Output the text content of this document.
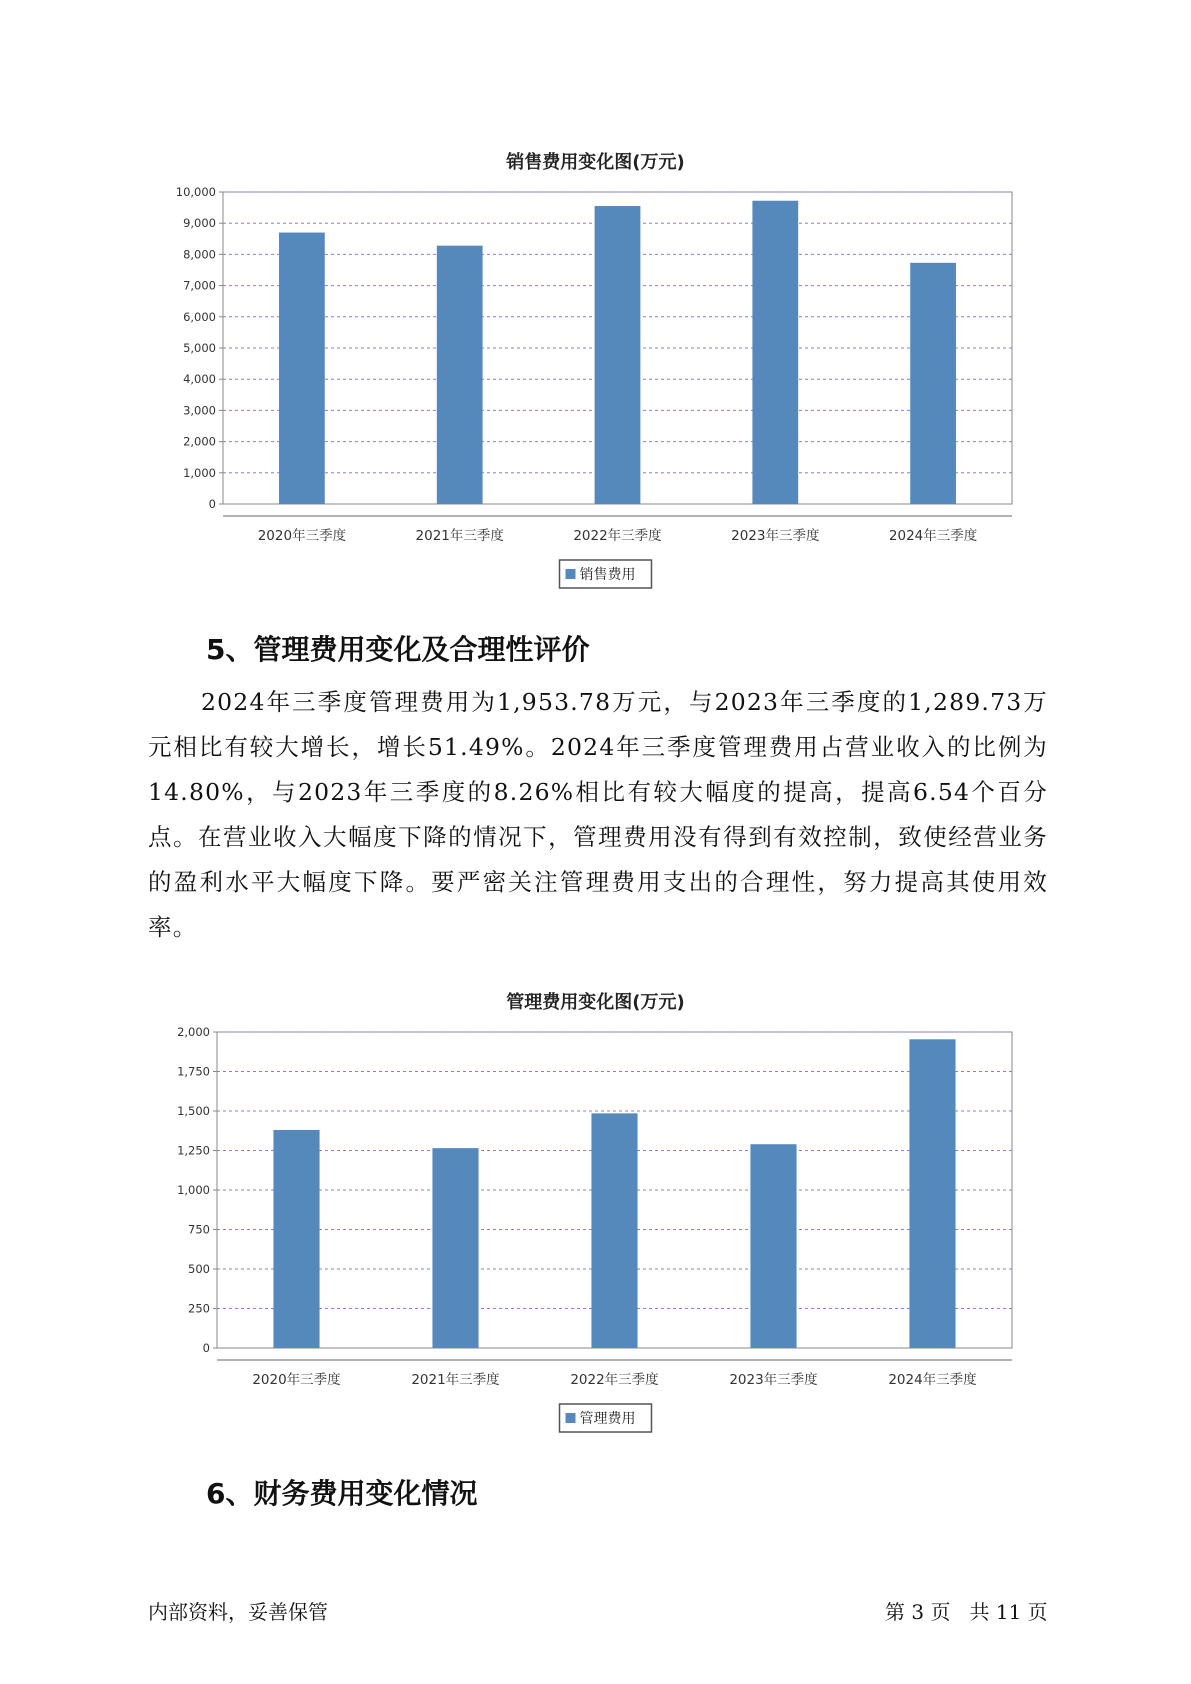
销售费用变化图(万元)
0
1,000
2,000
3,000
4,000
5,000
6,000
7,000
8,000
9,000
10,000
2020年三季度	2021年三季度	2022年三季度	2023年三季度	2024年三季度
销售费用
5、管理费用变化及合理性评价

2024年三季度管理费用为1,953.78万元，与2023年三季度的1,289.73万元相比有较大增长，增长51.49%。2024年三季度管理费用占营业收入的比例为14.80%，与2023年三季度的8.26%相比有较大幅度的提高，提高6.54个百分点。在营业收入大幅度下降的情况下，管理费用没有得到有效控制，致使经营业务的盈利水平大幅度下降。要严密关注管理费用支出的合理性，努力提高其使用效率。

管理费用变化图(万元)
0
250
500
750
1,000
1,250
1,500
1,750
2,000
2020年三季度	2021年三季度	2022年三季度	2023年三季度	2024年三季度
管理费用
6、财务费用变化情况
内部资料，妥善保管	第 3 页   共 11 页
